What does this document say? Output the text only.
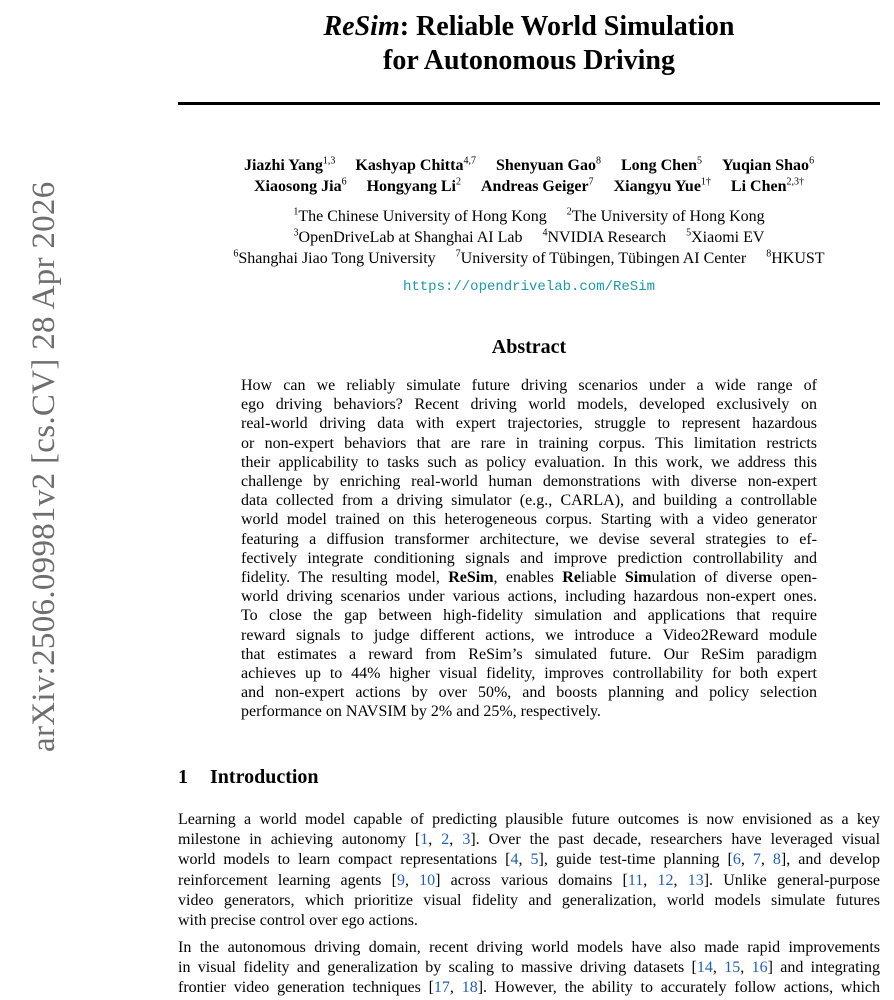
arXiv:2506.09981v2 [cs.CV] 28 Apr 2026
ReSim: Reliable World Simulation
for Autonomous Driving
Jiazhi Yang$^{1,3}$ Kashyap Chitta$^{4,7}$ Shenyuan Gao$^8$ Long Chen$^5$ Yuqian Shao$^6$
Xiaosong Jia$^6$ Hongyang Li$^2$ Andreas Geiger$^7$ Xiangyu Yue$^{1\dagger}$ Li Chen$^{2,3\dagger}$
$^1$The Chinese University of Hong Kong $^2$The University of Hong Kong
$^3$OpenDriveLab at Shanghai AI Lab $^4$NVIDIA Research $^5$Xiaomi EV
$^6$Shanghai Jiao Tong University $^7$University of Tübingen, Tübingen AI Center $^8$HKUST
https://opendrivelab.com/ReSim
Abstract
How can we reliably simulate future driving scenarios under a wide range of
ego driving behaviors? Recent driving world models, developed exclusively on
real-world driving data with expert trajectories, struggle to represent hazardous
or non-expert behaviors that are rare in training corpus. This limitation restricts
their applicability to tasks such as policy evaluation. In this work, we address this
challenge by enriching real-world human demonstrations with diverse non-expert
data collected from a driving simulator (e.g., CARLA), and building a controllable
world model trained on this heterogeneous corpus. Starting with a video generator
featuring a diffusion transformer architecture, we devise several strategies to ef-
fectively integrate conditioning signals and improve prediction controllability and
fidelity. The resulting model, ReSim, enables Reliable Simulation of diverse open-
world driving scenarios under various actions, including hazardous non-expert ones.
To close the gap between high-fidelity simulation and applications that require
reward signals to judge different actions, we introduce a Video2Reward module
that estimates a reward from ReSim’s simulated future. Our ReSim paradigm
achieves up to 44% higher visual fidelity, improves controllability for both expert
and non-expert actions by over 50%, and boosts planning and policy selection
performance on NAVSIM by 2% and 25%, respectively.
1 Introduction
Learning a world model capable of predicting plausible future outcomes is now envisioned as a key
milestone in achieving autonomy [1, 2, 3]. Over the past decade, researchers have leveraged visual
world models to learn compact representations [4, 5], guide test-time planning [6, 7, 8], and develop
reinforcement learning agents [9, 10] across various domains [11, 12, 13]. Unlike general-purpose
video generators, which prioritize visual fidelity and generalization, world models simulate futures
with precise control over ego actions.
In the autonomous driving domain, recent driving world models have also made rapid improvements
in visual fidelity and generalization by scaling to massive driving datasets [14, 15, 16] and integrating
frontier video generation techniques [17, 18]. However, the ability to accurately follow actions, which
